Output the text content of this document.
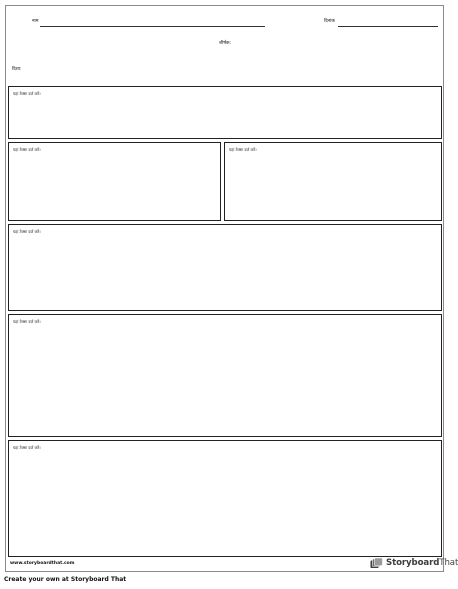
नाम	दिनांक
शीर्षक:
दिशा:
यहां टेक्स्ट दर्ज करें।
यहां टेक्स्ट दर्ज करें।	यहां टेक्स्ट दर्ज करें।
यहां टेक्स्ट दर्ज करें।
यहां टेक्स्ट दर्ज करें।
यहां टेक्स्ट दर्ज करें।
www.storyboardthat.com	StoryboardThat
Create your own at Storyboard That
